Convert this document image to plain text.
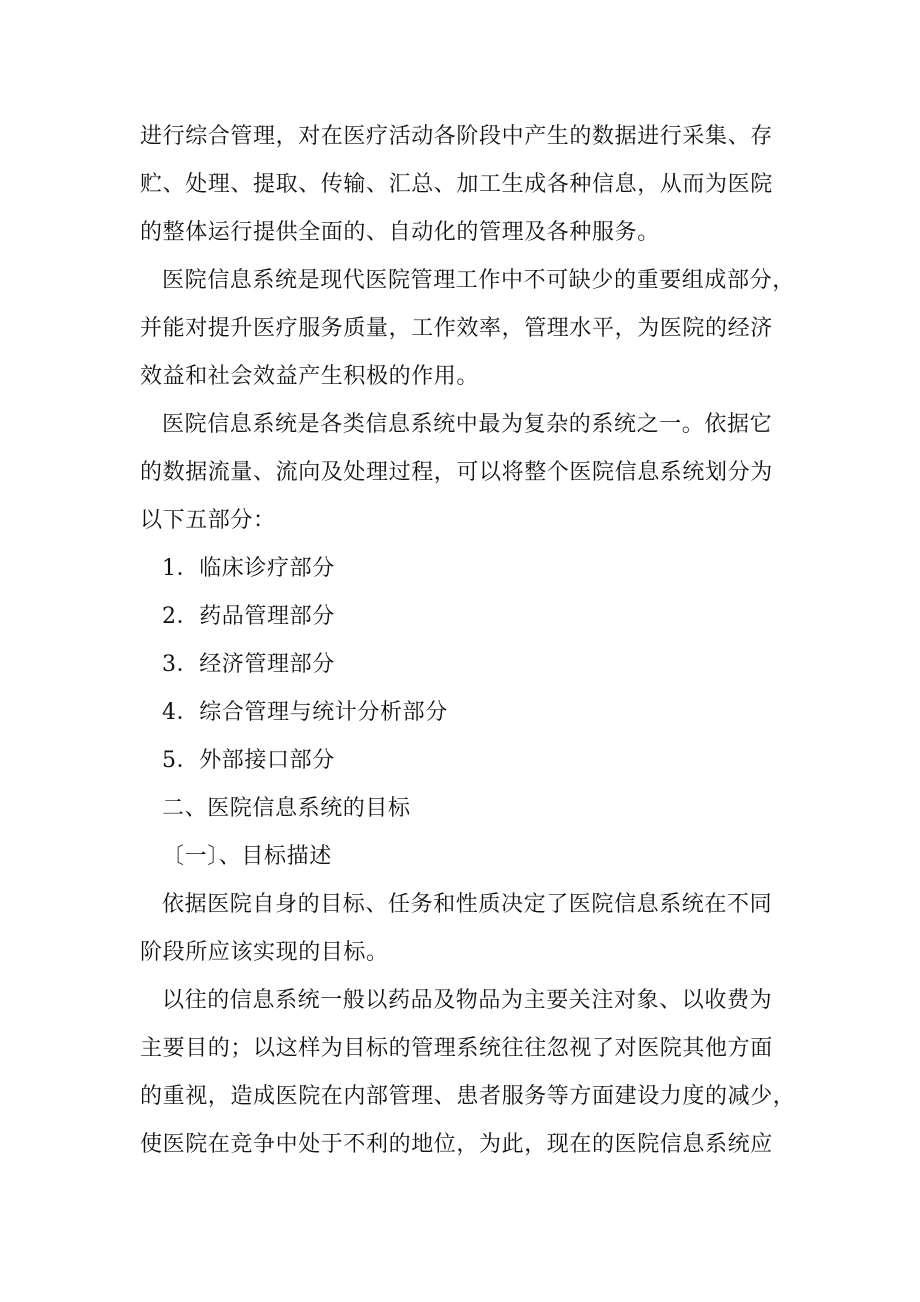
进行综合管理，对在医疗活动各阶段中产生的数据进行采集、存
贮、处理、提取、传输、汇总、加工生成各种信息，从而为医院
的整体运行提供全面的、自动化的管理及各种服务。
医院信息系统是现代医院管理工作中不可缺少的重要组成部分，
并能对提升医疗服务质量，工作效率，管理水平，为医院的经济
效益和社会效益产生积极的作用。
医院信息系统是各类信息系统中最为复杂的系统之一。依据它
的数据流量、流向及处理过程，可以将整个医院信息系统划分为
以下五部分：
1．临床诊疗部分
2．药品管理部分
3．经济管理部分
4．综合管理与统计分析部分
5．外部接口部分
二、医院信息系统的目标
〔一〕、目标描述
依据医院自身的目标、任务和性质决定了医院信息系统在不同
阶段所应该实现的目标。
以往的信息系统一般以药品及物品为主要关注对象、以收费为
主要目的；以这样为目标的管理系统往往忽视了对医院其他方面
的重视，造成医院在内部管理、患者服务等方面建设力度的减少，
使医院在竞争中处于不利的地位，为此，现在的医院信息系统应
